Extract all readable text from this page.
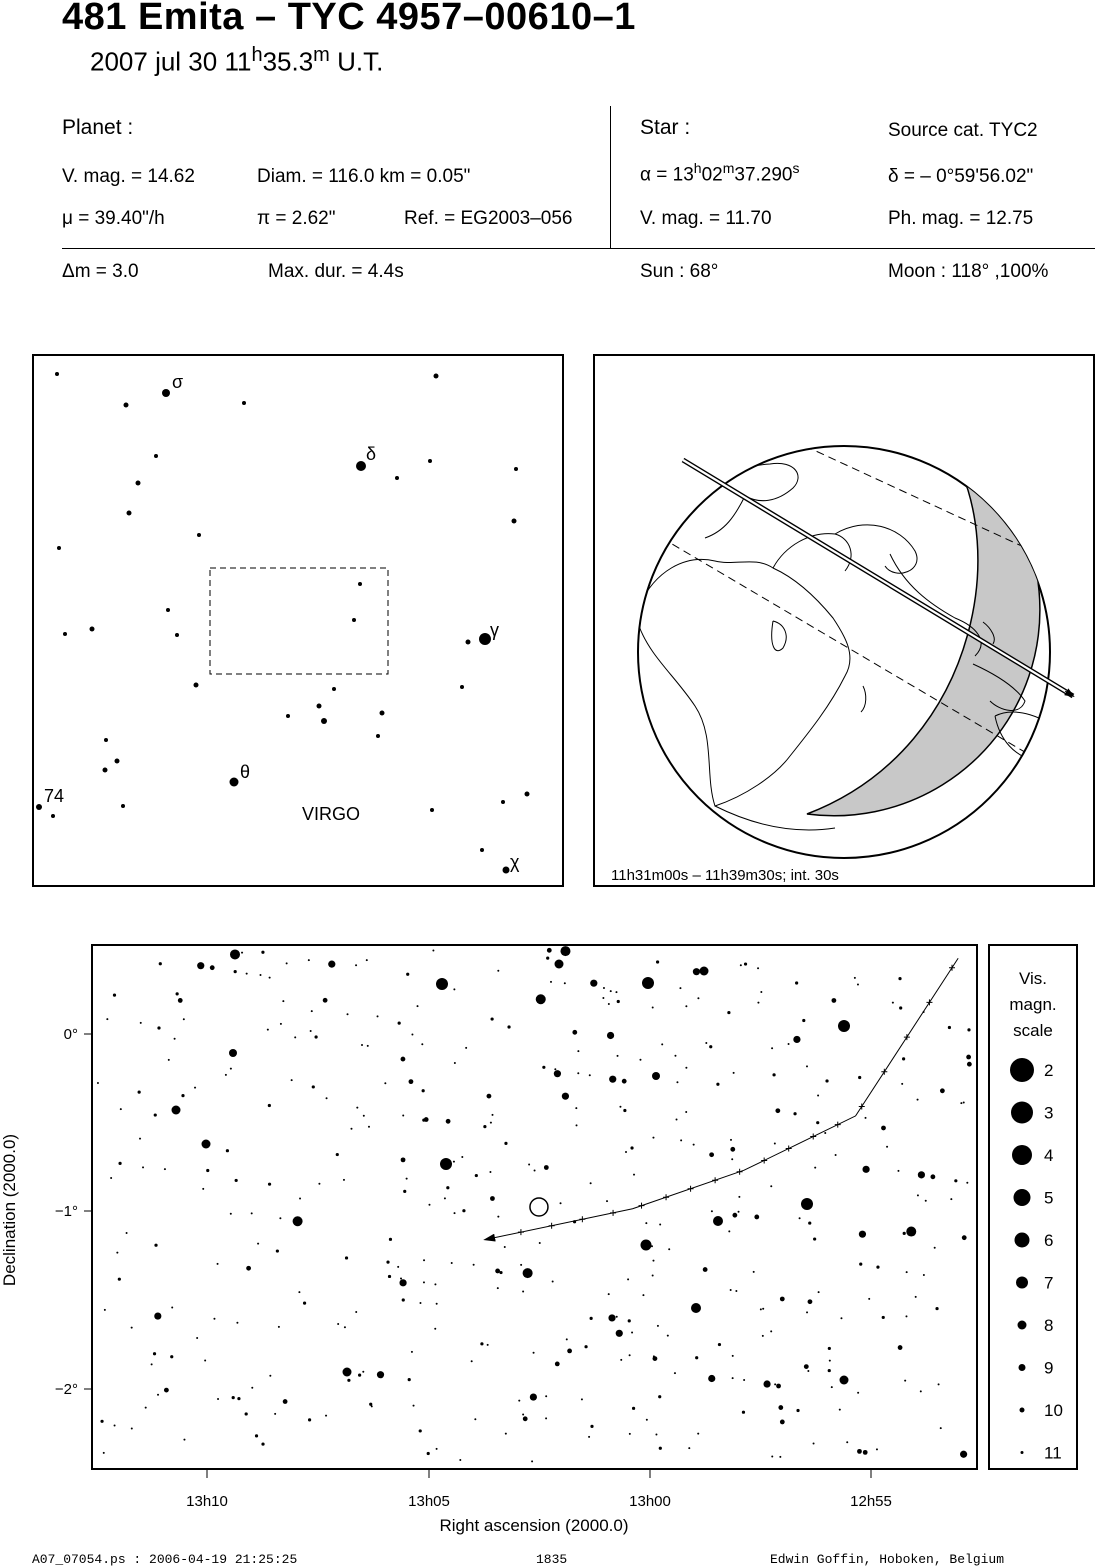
481 Emita – TYC 4957–00610–1
2007 jul 30 11$^h$35.3$^m$ U.T.
Planet :
V. mag. = 14.62	Diam. = 116.0 km = 0.05"
μ = 39.40"/h	π = 2.62"	Ref. = EG2003–056
Star :	Source cat. TYC2
$\alpha = 13^h02^m37.290^s$	δ = – 0°59'56.02"
V. mag. = 11.70	Ph. mag. = 12.75
Δm = 3.0	Max. dur. = 4.4s	Sun : 68°	Moon : 118° ,100%
σ
δ
γ
θ
χ
74
VIRGO
11h31m00s – 11h39m30s; int. 30s
13h10	13h05	13h00	12h55
0°
−1°
−2°
Right ascension (2000.0)
Declination (2000.0)
Vis.
magn.
scale
2
3
4
5
6
7
8
9
10
11
A07_07054.ps : 2006-04-19 21:25:25	1835	Edwin Goffin, Hoboken, Belgium
